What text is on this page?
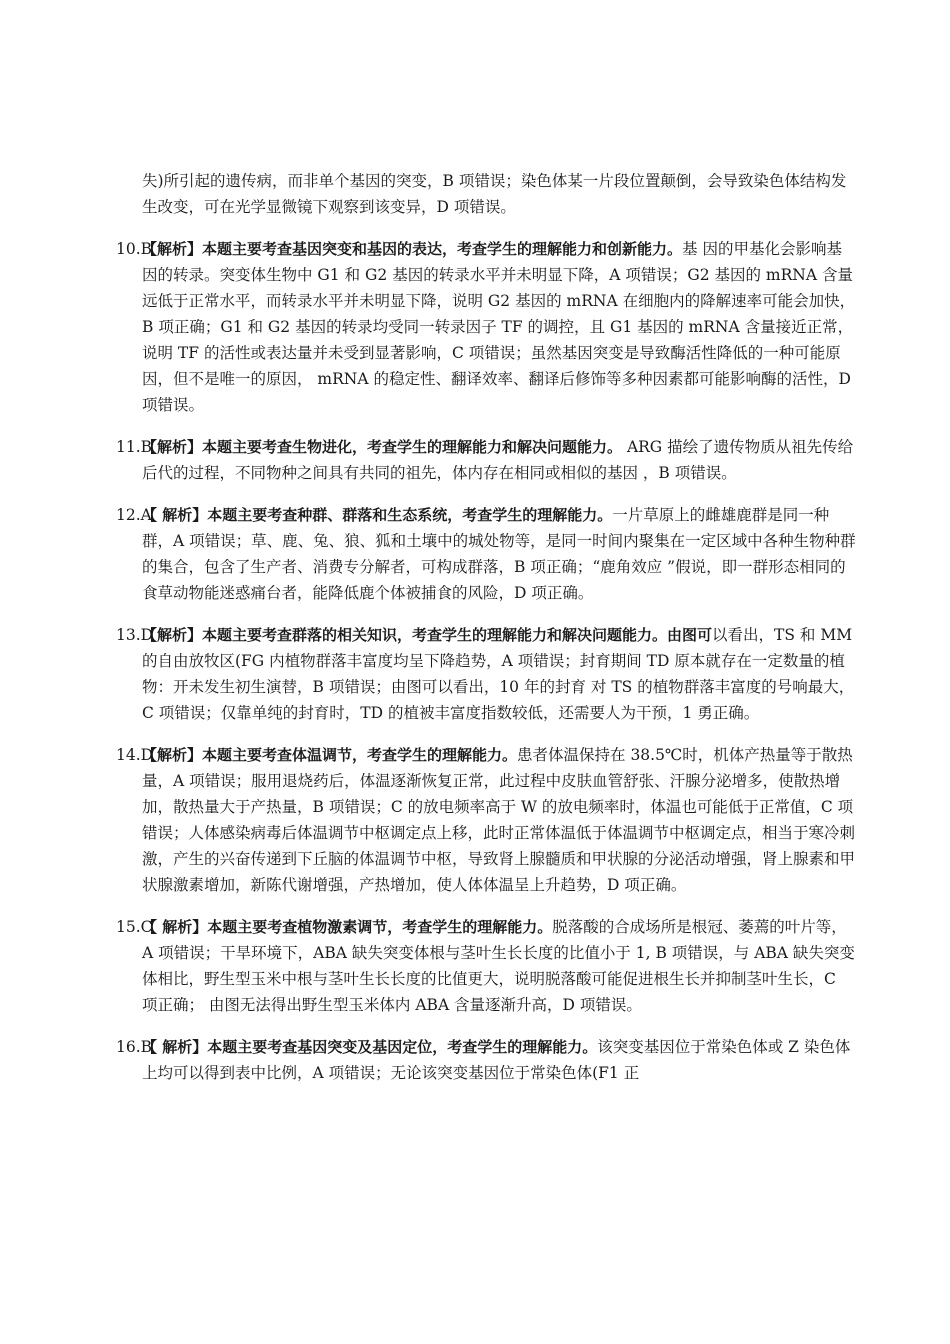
失)所引起的遗传病，而非单个基因的突变，B 项错误；染色体某一片段位置颠倒，会导致染色体结构发生改变，可在光学显微镜下观察到该变异，D 项错误。

10.B
【解析】本题主要考查基因突变和基因的表达，考查学生的理解能力和创新能力。基 因的甲基化会影响基因的转录。突变体生物中 G1 和 G2 基因的转录水平并未明显下降，A 项错误；G2 基因的 mRNA 含量远低于正常水平，而转录水平并未明显下降，说明 G2 基因的 mRNA 在细胞内的降解速率可能会加快，B 项正确；G1 和 G2 基因的转录均受同一转录因子 TF 的调控，且 G1 基因的 mRNA 含量接近正常，说明 TF 的活性或表达量并未受到显著影响，C 项错误；虽然基因突变是导致酶活性降低的一种可能原因，但不是唯一的原因， mRNA 的稳定性、翻译效率、翻译后修饰等多种因素都可能影响酶的活性，D 项错误。
11.B
【解析】本题主要考查生物进化，考查学生的理解能力和解决问题能力。 ARG 描绘了遗传物质从祖先传给后代的过程，不同物种之间具有共同的祖先，体内存在相同或相似的基因 ，B 项错误。
12.A
【 解析】本题主要考查种群、群落和生态系统，考查学生的理解能力。一片草原上的雌雄鹿群是同一种群，A 项错误；草、鹿、兔、狼、狐和土壤中的城处物等，是同一时间内聚集在一定区域中各种生物种群的集合，包含了生产者、消费专分解者，可构成群落，B 项正确；“鹿角效应 ”假说，即一群形态相同的食草动物能迷惑痛台者，能降低鹿个体被捕食的风险，D 项正确。
13.D
【解析】本题主要考查群落的相关知识，考查学生的理解能力和解决问题能力。由图可以看出，TS 和 MM 的自由放牧区(FG 内植物群落丰富度均呈下降趋势，A 项错误；封育期间 TD 原本就存在一定数量的植物：开未发生初生演替，B 项错误；由图可以看出，10 年的封育 对 TS 的植物群落丰富度的号响最大，C 项错误；仅靠单纯的封育时，TD 的植被丰富度指数较低，还需要人为干预，1 勇正确。
14.D
【解析】本题主要考查体温调节，考查学生的理解能力。患者体温保持在 38.5℃时，机体产热量等于散热量，A 项错误；服用退烧药后，体温逐渐恢复正常，此过程中皮肤血管舒张、汗腺分泌增多，使散热增加，散热量大于产热量，B 项错误；C 的放电频率高于 W 的放电频率时，体温也可能低于正常值，C 项错误；人体感染病毒后体温调节中枢调定点上移，此时正常体温低于体温调节中枢调定点，相当于寒冷刺激，产生的兴奋传递到下丘脑的体温调节中枢，导致肾上腺髓质和甲状腺的分泌活动增强，肾上腺素和甲状腺激素增加，新陈代谢增强，产热增加，使人体体温呈上升趋势，D 项正确。
15.C
【 解析】本题主要考查植物激素调节，考查学生的理解能力。脱落酸的合成场所是根冠、萎蔫的叶片等，A 项错误；干旱环境下，ABA 缺失突变体根与茎叶生长长度的比值小于 1, B 项错误，与 ABA 缺失突变体相比，野生型玉米中根与茎叶生长长度的比值更大，说明脱落酸可能促进根生长并抑制茎叶生长，C 项正确； 由图无法得出野生型玉米体内 ABA 含量逐渐升高，D 项错误。
16.B
【 解析】本题主要考查基因突变及基因定位，考查学生的理解能力。该突变基因位于常染色体或 Z 染色体上均可以得到表中比例，A 项错误；无论该突变基因位于常染色体(F1 正
